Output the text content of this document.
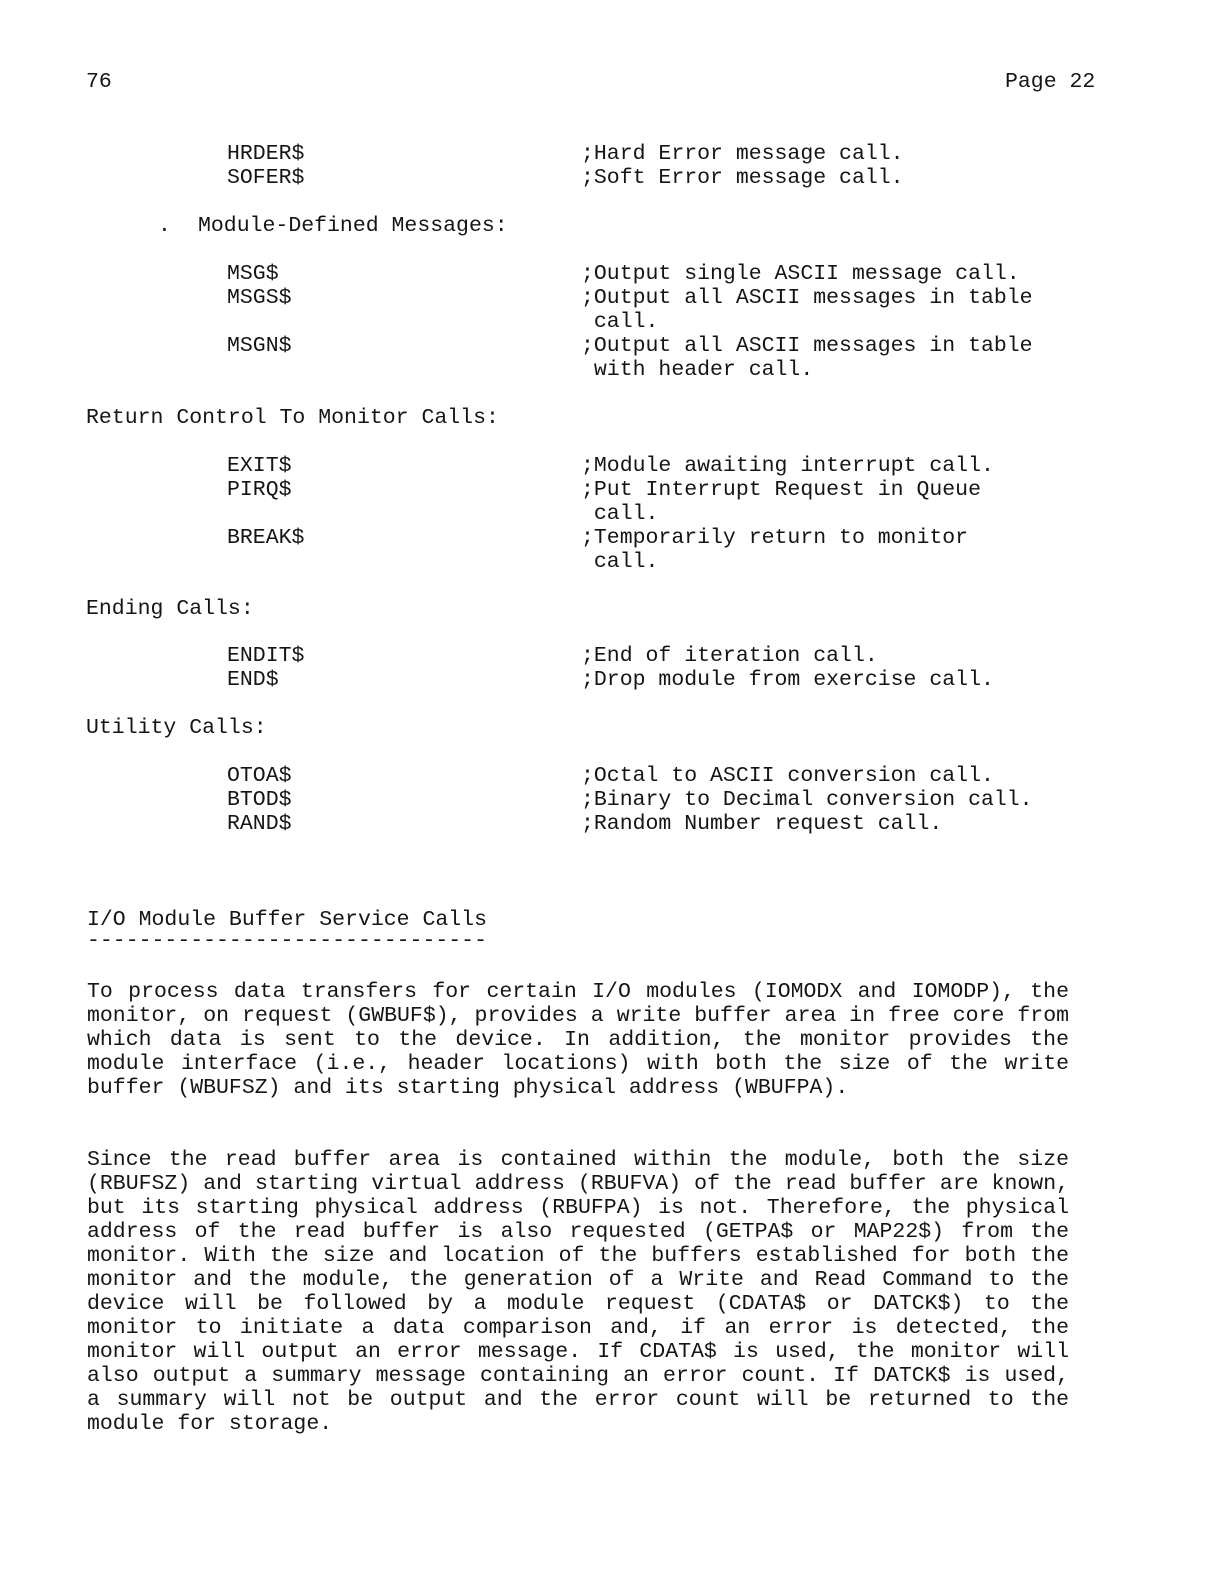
76	Page 22
HRDER$	;Hard Error message call.
SOFER$	;Soft Error message call.
. Module-Defined Messages:
MSG$	;Output single ASCII message call.
MSGS$	;Output all ASCII messages in table
call.
MSGN$	;Output all ASCII messages in table
with header call.
Return Control To Monitor Calls:
EXIT$	;Module awaiting interrupt call.
PIRQ$	;Put Interrupt Request in Queue
call.
BREAK$	;Temporarily return to monitor
call.
Ending Calls:
ENDIT$	;End of iteration call.
END$	;Drop module from exercise call.
Utility Calls:
OTOA$	;Octal to ASCII conversion call.
BTOD$	;Binary to Decimal conversion call.
RAND$	;Random Number request call.
I/O Module Buffer Service Calls
-------------------------------
To process data transfers for certain I/O modules (IOMODX and IOMODP), the monitor, on request (GWBUF$), provides a write buffer area in free core from which data is sent to the device. In addition, the monitor provides the module interface (i.e., header locations) with both the size of the write buffer (WBUFSZ) and its starting physical address (WBUFPA).
Since the read buffer area is contained within the module, both the size (RBUFSZ) and starting virtual address (RBUFVA) of the read buffer are known, but its starting physical address (RBUFPA) is not. Therefore, the physical address of the read buffer is also requested (GETPA$ or MAP22$) from the monitor. With the size and location of the buffers established for both the monitor and the module, the generation of a Write and Read Command to the device will be followed by a module request (CDATA$ or DATCK$) to the monitor to initiate a data comparison and, if an error is detected, the monitor will output an error message. If CDATA$ is used, the monitor will also output a summary message containing an error count. If DATCK$ is used, a summary will not be output and the error count will be returned to the module for storage.
